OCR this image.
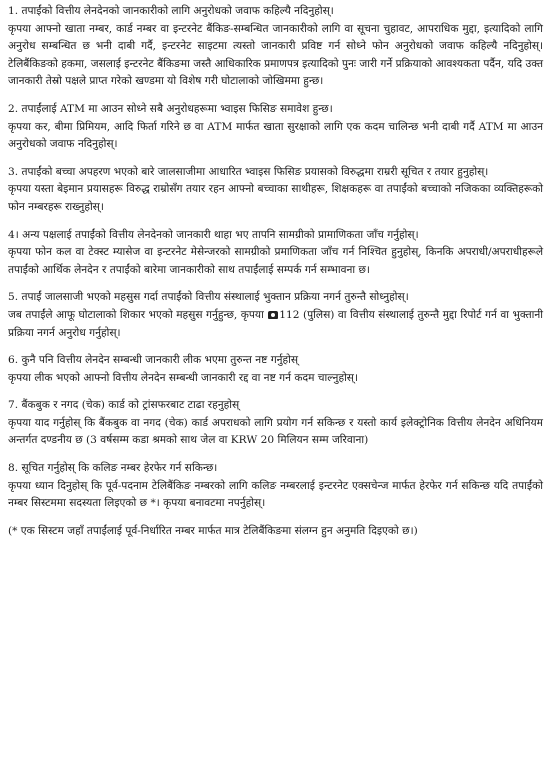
1. तपाईंको वित्तीय लेनदेनको जानकारीको लागि अनुरोधको जवाफ कहिल्यै नदिनुहोस्।

कृपया आफ्नो खाता नम्बर, कार्ड नम्बर वा इन्टरनेट बैंकिङ-सम्बन्धित जानकारीको लागि वा सूचना चुहावट, आपराधिक मुद्दा, इत्यादिको लागि अनुरोध सम्बन्धित छ भनी दाबी गर्दै, इन्टरनेट साइटमा त्यस्तो जानकारी प्रविष्ट गर्न सोध्ने फोन अनुरोधको जवाफ कहिल्यै नदिनुहोस्। टेलिबैंकिङको हकमा, जसलाई इन्टरनेट बैंकिङमा जस्तै आधिकारिक प्रमाणपत्र इत्यादिको पुनः जारी गर्ने प्रक्रियाको आवश्यकता पर्दैन, यदि उक्त जानकारी तेस्रो पक्षले प्राप्त गरेको खण्डमा यो विशेष गरी घोटालाको जोखिममा हुन्छ।

2. तपाईंलाई ATM मा आउन सोध्ने सबै अनुरोधहरूमा भ्वाइस फिसिङ समावेश हुन्छ।

कृपया कर, बीमा प्रिमियम, आदि फिर्ता गरिने छ वा ATM मार्फत खाता सुरक्षाको लागि एक कदम चालिन्छ भनी दाबी गर्दै ATM मा आउन अनुरोधको जवाफ नदिनुहोस्।

3. तपाईंको बच्चा अपहरण भएको बारे जालसाजीमा आधारित भ्वाइस फिसिङ प्रयासको विरुद्धमा राम्ररी सूचित र तयार हुनुहोस्।

कृपया यस्ता बेइमान प्रयासहरू विरुद्ध राम्रोसँग तयार रहन आफ्नो बच्चाका साथीहरू, शिक्षकहरू वा तपाईंको बच्चाको नजिकका व्यक्तिहरूको फोन नम्बरहरू राख्नुहोस्।

4। अन्य पक्षलाई तपाईंको वित्तीय लेनदेनको जानकारी थाहा भए तापनि सामग्रीको प्रामाणिकता जाँच गर्नुहोस्।

कृपया फोन कल वा टेक्स्ट म्यासेज वा इन्टरनेट मेसेन्जरको सामग्रीको प्रमाणिकता जाँच गर्न निश्चित हुनुहोस्, किनकि अपराधी/अपराधीहरूले तपाईंको आर्थिक लेनदेन र तपाईंको बारेमा जानकारीको साथ तपाईंलाई सम्पर्क गर्न सम्भावना छ।

5. तपाईं जालसाजी भएको महसुस गर्दा तपाईंको वित्तीय संस्थालाई भुक्तान प्रक्रिया नगर्न तुरुन्तै सोध्नुहोस्।

जब तपाईंले आफू घोटालाको शिकार भएको महसुस गर्नुहुन्छ, कृपया 112 (पुलिस) वा वित्तीय संस्थालाई तुरुन्तै मुद्दा रिपोर्ट गर्न वा भुक्तानी प्रक्रिया नगर्न अनुरोध गर्नुहोस्।

6. कुनै पनि वित्तीय लेनदेन सम्बन्धी जानकारी लीक भएमा तुरुन्त नष्ट गर्नुहोस्

कृपया लीक भएको आफ्नो वित्तीय लेनदेन सम्बन्धी जानकारी रद्द वा नष्ट गर्न कदम चाल्नुहोस्।

7. बैंकबुक र नगद (चेक) कार्ड को ट्रांसफरबाट टाढा रहनुहोस्

कृपया याद गर्नुहोस् कि बैंकबुक वा नगद (चेक) कार्ड अपराधको लागि प्रयोग गर्न सकिन्छ र यस्तो कार्य इलेक्ट्रोनिक वित्तीय लेनदेन अधिनियम अन्तर्गत दण्डनीय छ (3 वर्षसम्म कडा श्रमको साथ जेल वा KRW 20 मिलियन सम्म जरिवाना)

8. सूचित गर्नुहोस् कि कलिङ नम्बर हेरफेर गर्न सकिन्छ।

कृपया ध्यान दिनुहोस् कि पूर्व-पदनाम टेलिबैंकिङ नम्बरको लागि कलिङ नम्बरलाई इन्टरनेट एक्सचेन्ज मार्फत हेरफेर गर्न सकिन्छ यदि तपाईंको नम्बर सिस्टममा सदस्यता लिइएको छ *। कृपया बनावटमा नपर्नुहोस्।

(* एक सिस्टम जहाँ तपाईंलाई पूर्व-निर्धारित नम्बर मार्फत मात्र टेलिबैंकिङमा संलग्न हुन अनुमति दिइएको छ।)
